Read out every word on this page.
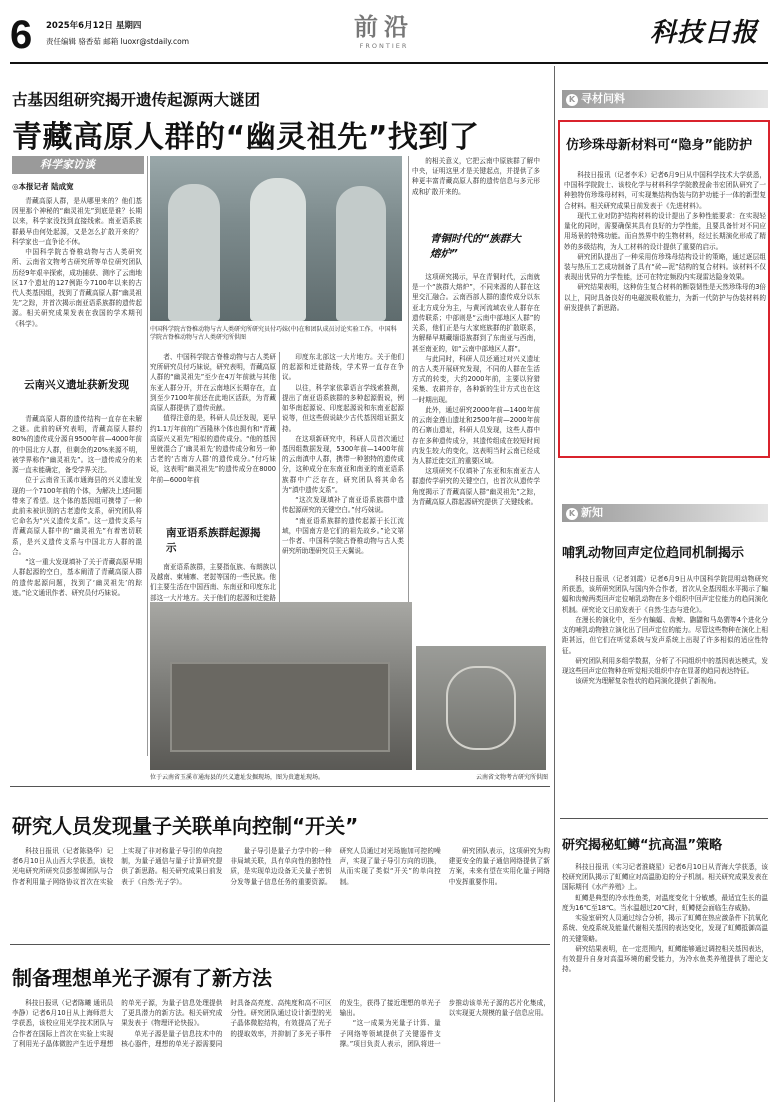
6 2025年6月12日 星期四
责任编辑 骆香茹 邮箱 luoxr@stdaily.com
前沿
FRONTIER	科技日报
古基因组研究揭开遗传起源两大谜团
青藏高原人群的“幽灵祖先”找到了
科学家访谈
◎本报记者 陆成宽

青藏高原人群，是从哪里来的？他们基因里那个神秘的“幽灵祖先”到底是谁？长期以来，科学家没找到直接线索。南亚语系族群最早由何处起源，又是怎么扩散开来的？科学家也一直争论不休。

中国科学院古脊椎动物与古人类研究所、云南省文物考古研究所等单位研究团队历经9年艰辛探索，成功捕获、测序了云南地区17个遗址的127例距今7100年以来的古代人类基因组，找到了青藏高原人群“幽灵祖先”之踪，并首次揭示南亚语系族群的遗传起源。相关研究成果发表在我国的学术期刊《科学》。

云南兴义遗址获新发现

青藏高原人群的遗传结构一直存在未解之谜。此前的研究表明，青藏高原人群约80%的遗传成分源自9500年前—4000年前的中国北方人群，但剩余的20%来源不明，被学界称作“幽灵祖先”。这一遗传成分的来源一直未能确定，备受学界关注。

位于云南省玉溪市通海县的兴义遗址发现的一个7100年前的个体，为解决上述问题带来了希望。这个体的基因组可携带了一种此前未被识别的古老遗传支系，研究团队将它命名为“兴义遗传支系”。这一遗传支系与青藏高原人群中的“幽灵祖先”有着密切联系，是兴义遗传支系与中国北方人群的混合。

“这一重大发现填补了关于青藏高原早期人群起源的空白，基本阐清了青藏高原人群的遗传起源问题，找到了‘幽灵祖先’的踪迹。”论文通讯作者、研究员付巧妹说。

中国科学院古脊椎动物与古人类研究所研究员付巧妹(中)在和团队成员讨论实验工作。 中国科学院古脊椎动物与古人类研究所供图

者、中国科学院古脊椎动物与古人类研究所研究员付巧妹说，研究表明，青藏高原人群的“幽灵祖先”至少在4万年前就与其他东亚人群分开，并在云南地区长期存在，直到至少7100年前还在此地区活跃，为青藏高原人群提供了遗传贡献。

值得注意的是，科研人员还发现，更早约1.1万年前的广西隆林个体也拥有和“青藏高原兴义祖先”相似的遗传成分。“他的基因里就混合了‘幽灵祖先’的遗传成分和另一种古老的‘古南方人群’的遗传成分。”付巧妹说，这表明“幽灵祖先”的遗传成分在8000年前—6000年前

南亚语系族群起源揭示

南亚语系族群，主要指佤族、布朗族以及越南、柬埔寨、老挝等国的一些民族。他们主要生活在中国西南、东南亚和印度东北部这一大片地方。关于他们的起源和迁徙路

印度东北部这一大片地方。关于他们的起源和迁徙路线，学术界一直存在争议。

以往，科学家依靠语言学线索推测，提出了南亚语系族群的多种起源假说，例如华南起源说、印度起源说和东南亚起源说等，但这些假说缺少古代基因组证据支持。

在这项新研究中，科研人员首次通过基因组数据发现，5300年前—1400年前的云南滇中人群，携带一种独特的遗传成分，这种成分在东南亚和南亚的南亚语系族群中广泛存在，研究团队将其命名为“滇中遗传支系”。

“这次发现填补了南亚语系族群中遗传起源研究的关键空白。”付巧妹说。

“南亚语系族群的遗传起源于长江流域，中国南方是它们的祖先故乡。”论文第一作者、中国科学院古脊椎动物与古人类研究所助理研究员王天翼说。

的相关意义，它把云南中原族群了解中中央，证明这里才是关键起点，并提供了多种更丰富青藏高原人群的遗传信息与多元形成和扩散开来的。

青铜时代的“族群大熔炉”

这项研究揭示，早在青铜时代，云南就是一个“族群大熔炉”，不同来源的人群在这里交汇融合。云南西部人群的遗传成分以东亚北方成分为主，与黄河流域农业人群存在遗传联系；中部则是“云南中部地区人群”的关系，他们正是与大家庭族群的扩散联系，为解释早期藏缅语族群到了东南亚与西南，甚至南亚的，如“云南中部地区人群”。

与此同时，科研人员还通过对兴义遗址的古人类开展研究发现，不同的人群在生活方式的转变，大约2000年前，主要以狩猎采集、农耕并存，各种新的生计方式也在这一时期出现。

此外，通过研究2000年前—1400年前的云南金莲山遗址和2500年前—2000年前的石寨山遗址，科研人员发现，这些人群中存在多种遗传成分，其遗传组成在较短时间内发生较大的变化，这表明当时云南已经成为人群迁徙交汇的重要区域。

这项研究不仅填补了东亚和东南亚古人群遗传学研究的关键空白，也首次从遗传学角度揭示了青藏高原人群“幽灵祖先”之踪，为青藏高原人群起源研究提供了关键线索。

位于云南省玉溪市通海县的兴义遗址发掘现场，图为贵遗址现场。	云南省文物考古研究所供图
研究人员发现量子关联单向控制“开关”

科技日报讯（记者陈骁华）记者6月10日从山西大学获悉，该校光电研究所研究员彭堃墀团队与合作者利用量子网络协议首次在实验上实现了非对称量子导引的单向控制，为量子通信与量子计算研究提供了新思路。相关研究成果日前发表于《自然·光子学》。

量子导引是量子力学中的一种非局域关联，具有单向性的独特性质，是实现单边设备无关量子密钥分发等量子信息任务的重要资源。研究人员通过对光场施加可控的噪声，实现了量子导引方向的切换，从而实现了类似“开关”的单向控制。

研究团队表示，这项研究为构建更安全的量子通信网络提供了新方案，未来有望在实用化量子网络中发挥重要作用。

制备理想单光子源有了新方法

科技日报讯（记者陈曦 通讯员李静）记者6月10日从上海师范大学获悉，该校应用光学技术团队与合作者在国际上首次在实验上实现了利用光子晶体微腔产生近乎理想的单光子源，为量子信息处理提供了更具潜力的新方法。相关研究成果发表于《物理评论快报》。

单光子源是量子信息技术中的核心器件，理想的单光子源需要同时具备高亮度、高纯度和高不可区分性。研究团队通过设计新型的光子晶体微腔结构，有效提高了光子的提取效率，并抑制了多光子事件的发生，获得了接近理想的单光子输出。

“这一成果为光量子计算、量子网络等领域提供了关键器件支撑。”项目负责人表示，团队将进一步推动该单光子源的芯片化集成，以实现更大规模的量子信息应用。

K 寻材问料
仿珍珠母新材料可“隐身”能防护

科技日报讯（记者李禾）记者6月9日从中国科学技术大学获悉，中国科学院院士、该校化学与材料科学学院教授俞书宏团队研究了一种独特仿珍珠母材料，可实现集结构伪装与防护功能于一体的新型复合材料。相关研究成果日前发表于《先进材料》。

现代工业对防护结构材料的设计提出了多种性能要求：在实现轻量化的同时，需要确保其具有良好的力学性能，且要具备针对不同应用场景的特殊功能。而自然界中的生物材料，经过长期演化形成了精妙的多级结构，为人工材料的设计提供了重要的启示。

研究团队提出了一种采用仿珍珠母结构设计的策略，通过逐层组装与热压工艺成功制备了具有“砖—泥”结构的复合材料。该材料不仅表现出优异的力学性能，还可在特定频段内实现雷达隐身效果。

研究结果表明，这种仿生复合材料的断裂韧性是天然珍珠母的3倍以上，同时具备良好的电磁波吸收能力，为新一代防护与伪装材料的研发提供了新思路。

K 新知
哺乳动物回声定位趋同机制揭示

科技日报讯（记者刘霞）记者6月9日从中国科学院昆明动物研究所获悉，该所研究团队与国内外合作者，首次从全基因组水平揭示了蝙蝠和齿鲸两类回声定位哺乳动物在多个组织中回声定位能力的趋同演化机制。研究论文日前发表于《自然·生态与进化》。

在漫长的演化中，至少有蝙蝠、齿鲸、鼩鼱和马岛猬等4个进化分支的哺乳动物独立演化出了回声定位的能力。尽管这些物种在演化上相距甚远，但它们在听觉系统与发声系统上出现了许多相似的适应性特征。

研究团队利用多组学数据，分析了不同组织中的基因表达模式，发现这些回声定位物种在听觉相关组织中存在显著的趋同表达特征。

该研究为理解复杂性状的趋同演化提供了新视角。

研究揭秘虹鳟“抗高温”策略

科技日报讯（实习记者淮晓星）记者6月10日从青海大学获悉，该校研究团队揭示了虹鳟应对高温胁迫的分子机制。相关研究成果发表在国际期刊《水产养殖》上。

虹鳟是典型的冷水性鱼类，对温度变化十分敏感，最适宜生长的温度为16℃至18℃。当水温超过20℃时，虹鳟便会面临生存威胁。

实验室研究人员通过综合分析，揭示了虹鳟在热应激条件下抗氧化系统、免疫系统及能量代谢相关基因的表达变化，发现了虹鳟抵御高温的关键策略。

研究结果表明，在一定范围内，虹鳟能够通过调控相关基因表达，有效提升自身对高温环境的耐受能力，为冷水鱼类养殖提供了理论支持。
